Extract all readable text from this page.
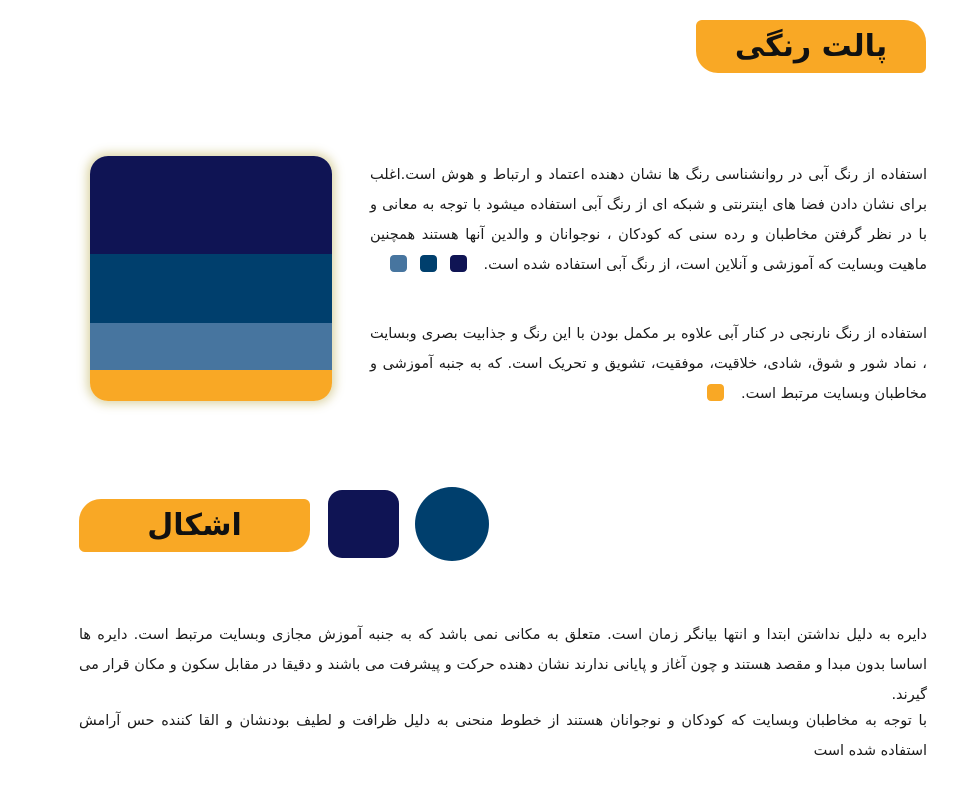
پالت رنگی
استفاده از رنگ آبی در روانشناسی رنگ ها نشان دهنده اعتماد و ارتباط و هوش است.اغلب برای نشان دادن فضا های اینترنتی و شبکه ای از رنگ آبی استفاده میشود با توجه به معانی و با در نظر گرفتن مخاطبان و رده سنی که کودکان ، نوجوانان و والدین آنها هستند همچنین ماهیت وبسایت که آموزشی و آنلاین است، از رنگ آبی استفاده شده است.
استفاده از رنگ نارنجی در کنار آبی علاوه بر مکمل بودن با این رنگ و جذابیت بصری وبسایت ، نماد شور و شوق، شادی، خلاقیت، موفقیت، تشویق و تحریک است. که به جنبه آموزشی و مخاطبان وبسایت مرتبط است.
اشکال
دایره به دلیل نداشتن ابتدا و انتها بیانگر زمان است. متعلق به مکانی نمی باشد که به جنبه آموزش مجازی وبسایت مرتبط است. دایره ها اساسا بدون مبدا و مقصد هستند و چون آغاز و پایانی ندارند نشان دهنده حرکت و پیشرفت می باشند و دقیقا در مقابل سکون و مکان قرار می گیرند.
با توجه به مخاطبان وبسایت که کودکان و نوجوانان هستند از خطوط منحنی به دلیل ظرافت و لطیف بودنشان و القا کننده حس آرامش استفاده شده است
